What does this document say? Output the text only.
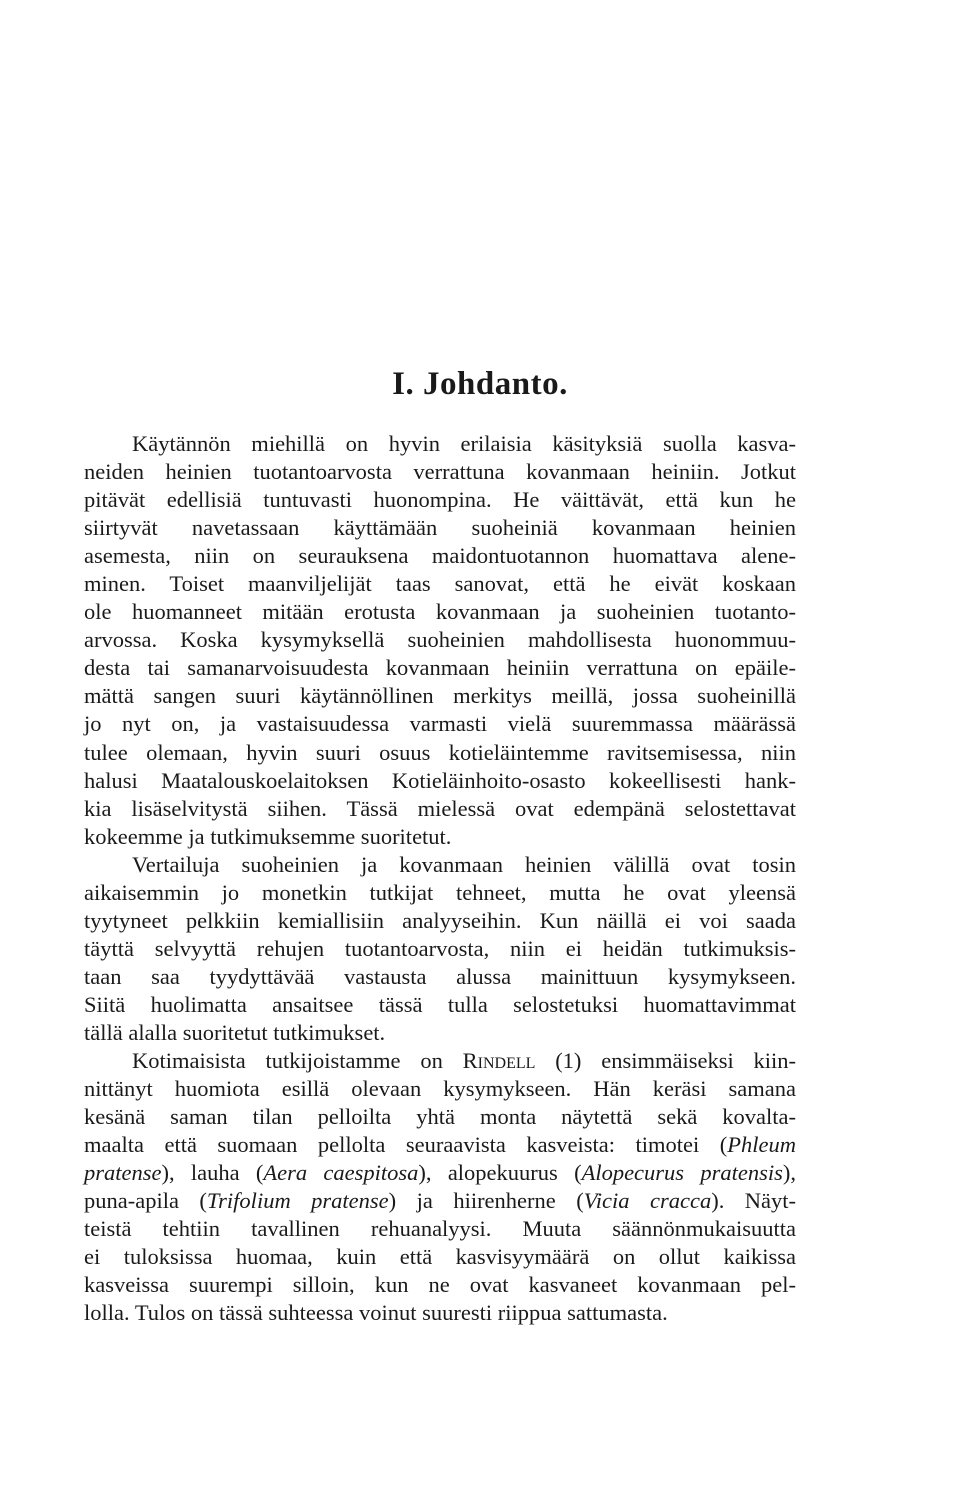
I. Johdanto.
Käytännön miehillä on hyvin erilaisia käsityksiä suolla kasva-
neiden heinien tuotantoarvosta verrattuna kovanmaan heiniin. Jotkut
pitävät edellisiä tuntuvasti huonompina. He väittävät, että kun he
siirtyvät navetassaan käyttämään suoheiniä kovanmaan heinien
asemesta, niin on seurauksena maidontuotannon huomattava alene-
minen. Toiset maanviljelijät taas sanovat, että he eivät koskaan
ole huomanneet mitään erotusta kovanmaan ja suoheinien tuotanto-
arvossa. Koska kysymyksellä suoheinien mahdollisesta huonommuu-
desta tai samanarvoisuudesta kovanmaan heiniin verrattuna on epäile-
mättä sangen suuri käytännöllinen merkitys meillä, jossa suoheinillä
jo nyt on, ja vastaisuudessa varmasti vielä suuremmassa määrässä
tulee olemaan, hyvin suuri osuus kotieläintemme ravitsemisessa, niin
halusi Maatalouskoelaitoksen Kotieläinhoito-osasto kokeellisesti hank-
kia lisäselvitystä siihen. Tässä mielessä ovat edempänä selostettavat
kokeemme ja tutkimuksemme suoritetut.
Vertailuja suoheinien ja kovanmaan heinien välillä ovat tosin
aikaisemmin jo monetkin tutkijat tehneet, mutta he ovat yleensä
tyytyneet pelkkiin kemiallisiin analyyseihin. Kun näillä ei voi saada
täyttä selvyyttä rehujen tuotantoarvosta, niin ei heidän tutkimuksis-
taan saa tyydyttävää vastausta alussa mainittuun kysymykseen.
Siitä huolimatta ansaitsee tässä tulla selostetuksi huomattavimmat
tällä alalla suoritetut tutkimukset.
Kotimaisista tutkijoistamme on Rindell (1) ensimmäiseksi kiin-
nittänyt huomiota esillä olevaan kysymykseen. Hän keräsi samana
kesänä saman tilan pelloilta yhtä monta näytettä sekä kovalta-
maalta että suomaan pellolta seuraavista kasveista: timotei (Phleum
pratense), lauha (Aera caespitosa), alopekuurus (Alopecurus pratensis),
puna-apila (Trifolium pratense) ja hiirenherne (Vicia cracca). Näyt-
teistä tehtiin tavallinen rehuanalyysi. Muuta säännönmukaisuutta
ei tuloksissa huomaa, kuin että kasvisyymäärä on ollut kaikissa
kasveissa suurempi silloin, kun ne ovat kasvaneet kovanmaan pel-
lolla. Tulos on tässä suhteessa voinut suuresti riippua sattumasta.
